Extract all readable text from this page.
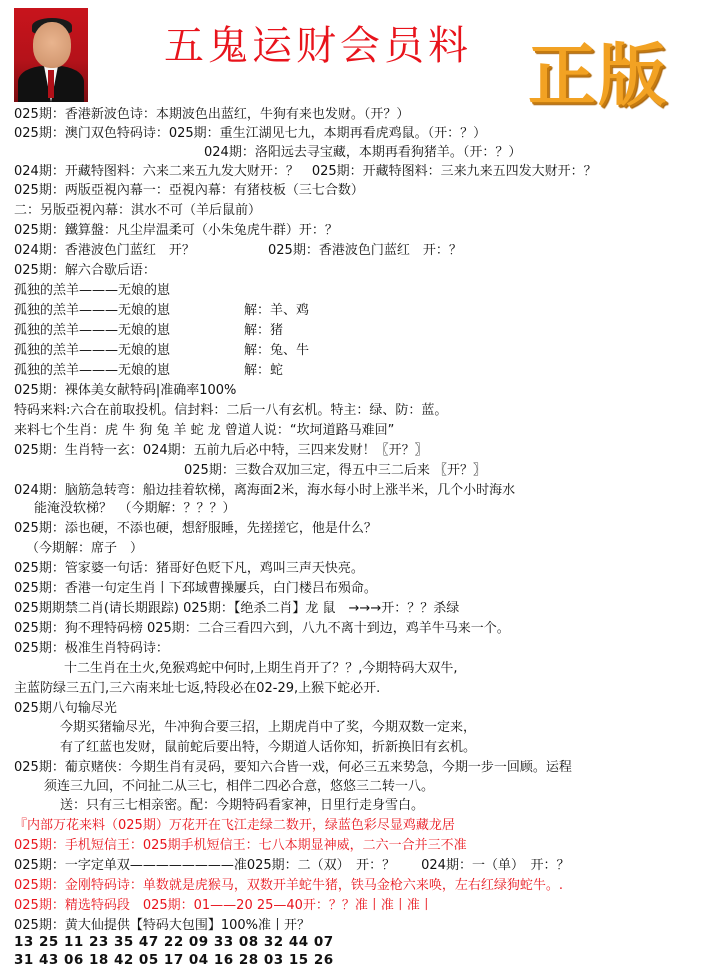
五鬼运财会员料 正版
025期：香港新波色诗：本期波色出蓝红，牛狗有来也发财。（开？）
025期：澳门双色特码诗：025期：重生江湖见七九，本期再看虎鸡鼠。（开：？）
024期：洛阳远去寻宝藏，本期再看狗猪羊。（开：？）
024期：开藏特图料：六来二来五九发大财开：？　025期：开藏特图料：三来九来五四发大财开：？
025期：两版亞視內幕一：亞視內幕：有猪枝板（三七合数）
二：另版亞視內幕：淇水不可（羊后鼠前）
025期：鐵算盤：凡尘岸温柔可（小朱兔虎牛群）开：？
024期：香港波色门蓝红　开？	025期：香港波色门蓝红　开：？
025期：解六合歇后语：
孤独的羔羊———无娘的崽
孤独的羔羊———无娘的崽	解：羊、鸡
孤独的羔羊———无娘的崽	解：猪
孤独的羔羊———无娘的崽	解：兔、牛
孤独的羔羊———无娘的崽	解：蛇
025期：裸体美女献特码|准确率100%
特码来料:六合在前取投机。信封料：二后一八有玄机。特主：绿、防：蓝。
来料七个生肖：虎 牛 狗 兔 羊 蛇 龙 曾道人说：“坎坷道路马难回”
025期：生肖特一玄：024期：五前九后必中特，三四来发财！〖开？〗
025期：三数合双加三定，得五中三二后来 〖开？〗
024期：脑筋急转弯：船边挂着软梯，离海面2米，海水每小时上涨半米，几个小时海水
能淹没软梯？　（今期解：？？？）
025期：添也硬，不添也硬，想舒服睡，先搓搓它，他是什么？
（今期解：席子　）
025期：管家婆一句话：猪哥好色贬下凡，鸡叫三声天快亮。
025期：香港一句定生肖丨下邳域曹操屢兵，白门楼吕布殒命。
025期期禁二肖(请长期跟踪) 025期：【绝杀二肖】龙 鼠　→→→开：？？杀绿
025期：狗不理特码榜 025期：二合三看四六到，八九不离十到边，鸡羊牛马来一个。
025期：极准生肖特码诗：
十二生肖在土火,免猴鸡蛇中何时,上期生肖开了？？,今期特码大双牛,
主蓝防绿三五门,三六南来址七返,特段必在02-29,上猴下蛇必开.
025期八句输尽光
今期买猪输尽光，牛冲狗合要三招，上期虎肖中了奖，今期双数一定来，
有了红蓝也发财，鼠前蛇后要出特，今期道人话你知，折新换旧有玄机。
025期：葡京赌侠：今期生肖有灵码，要知六合皆一戏，何必三五来势急，今期一步一回顾。运程
须连三九回，不问扯二从三七，相伴二四必合意，悠悠三二转一八。
送：只有三七相亲密。配：今期特码看家神，日里行走身雪白。
『内部万花来料（025期）万花开在飞江走绿二数开，绿蓝色彩尽显鸡藏龙居
025期：手机短信王：025期手机短信王：七八本期显神威，二六一合并三不准
025期：一字定单双————————准025期：二（双）　开：？　　024期：一（单）　开：？
025期：金刚特码诗：单数就是虎猴马，双数开羊蛇牛猪，铁马金枪六来唤，左右红绿狗蛇牛。.
025期：精选特码段　025期：01——20 25—40开：？？准丨准丨准丨
025期：黄大仙提供【特码大包围】100%准丨开？
13 25 11 23 35 47 22 09 33 08 32 44 07
31 43 06 18 42 05 17 04 16 28 03 15 26
